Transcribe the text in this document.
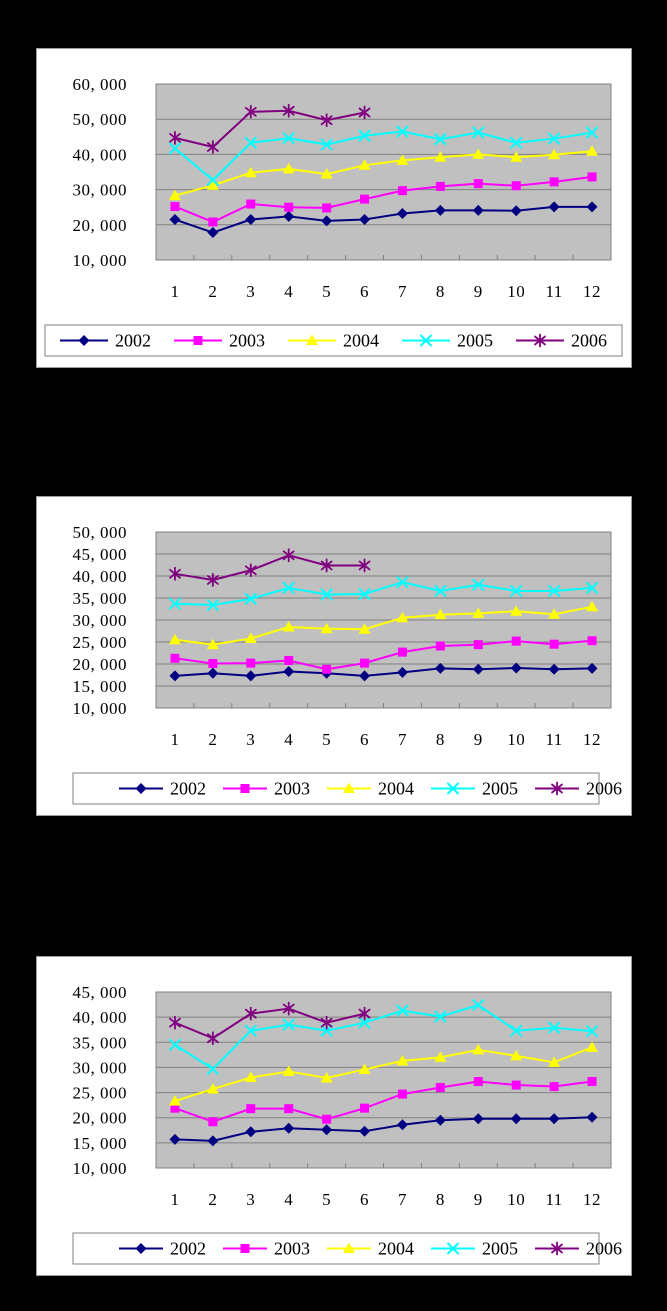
60, 000
50, 000
40, 000
30, 000
20, 000
10, 000
1 2 3 4 5 6 7 8 9 10 11 12
2002	2003	2004	2005	2006
50, 000
45, 000
40, 000
35, 000
30, 000
25, 000
20, 000
15, 000
10, 000
1 2 3 4 5 6 7 8 9 10 11 12
2002	2003	2004	2005	2006
45, 000
40, 000
35, 000
30, 000
25, 000
20, 000
15, 000
10, 000
1 2 3 4 5 6 7 8 9 10 11 12
2002	2003	2004	2005	2006
